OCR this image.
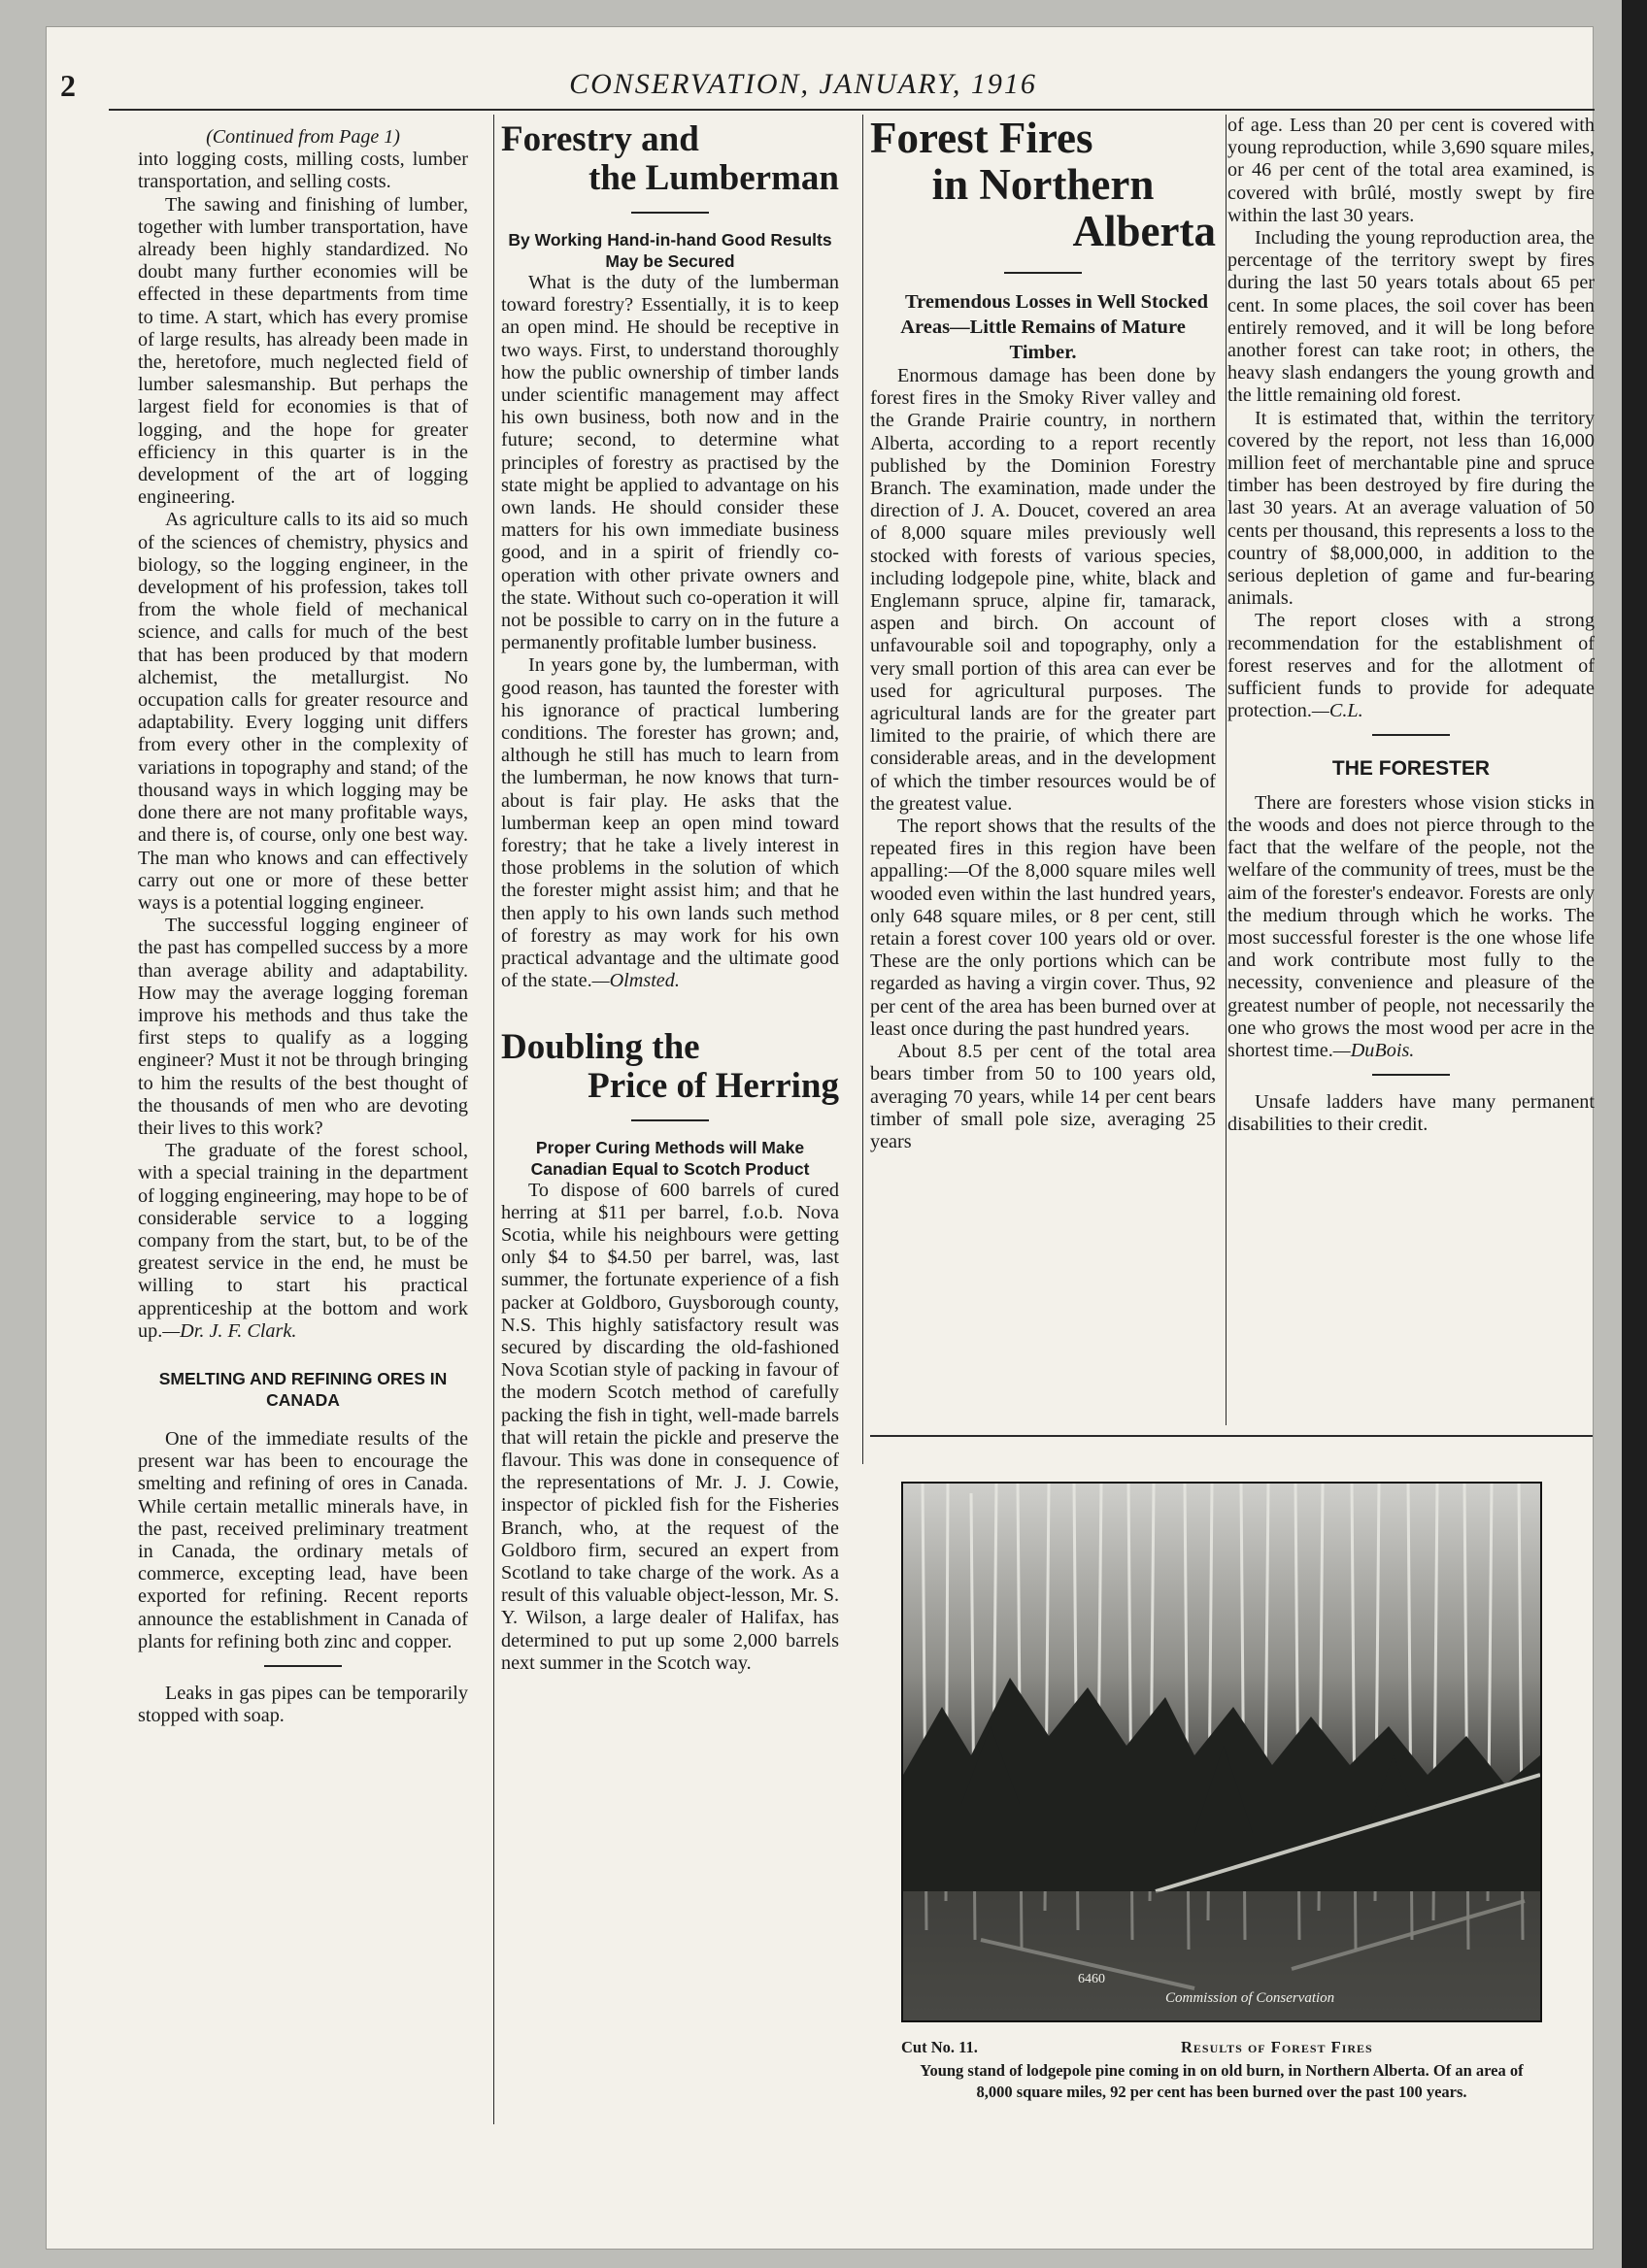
2	CONSERVATION, JANUARY, 1916

(Continued from Page 1)

into logging costs, milling costs, lumber transportation, and selling costs.

The sawing and finishing of lumber, together with lumber transportation, have already been highly standardized. No doubt many further economies will be effected in these departments from time to time. A start, which has every promise of large results, has already been made in the, heretofore, much neglected field of lumber salesmanship. But perhaps the largest field for economies is that of logging, and the hope for greater efficiency in this quarter is in the development of the art of logging engineering.

As agriculture calls to its aid so much of the sciences of chemistry, physics and biology, so the logging engineer, in the development of his profession, takes toll from the whole field of mechanical science, and calls for much of the best that has been produced by that modern alchemist, the metallurgist. No occupation calls for greater resource and adaptability. Every logging unit differs from every other in the complexity of variations in topography and stand; of the thousand ways in which logging may be done there are not many profitable ways, and there is, of course, only one best way. The man who knows and can effectively carry out one or more of these better ways is a potential logging engineer.

The successful logging engineer of the past has compelled success by a more than average ability and adaptability. How may the average logging foreman improve his methods and thus take the first steps to qualify as a logging engineer? Must it not be through bringing to him the results of the best thought of the thousands of men who are devoting their lives to this work?

The graduate of the forest school, with a special training in the department of logging engineering, may hope to be of considerable service to a logging company from the start, but, to be of the greatest service in the end, he must be willing to start his practical apprenticeship at the bottom and work up.—Dr. J. F. Clark.

SMELTING AND REFINING ORES IN CANADA

One of the immediate results of the present war has been to encourage the smelting and refining of ores in Canada. While certain metallic minerals have, in the past, received preliminary treatment in Canada, the ordinary metals of commerce, excepting lead, have been exported for refining. Recent reports announce the establishment in Canada of plants for refining both zinc and copper.

Leaks in gas pipes can be temporarily stopped with soap.

Forestry and
the Lumberman

By Working Hand-in-hand Good Results May be Secured

What is the duty of the lumberman toward forestry? Essentially, it is to keep an open mind. He should be receptive in two ways. First, to understand thoroughly how the public ownership of timber lands under scientific management may affect his own business, both now and in the future; second, to determine what principles of forestry as practised by the state might be applied to advantage on his own lands. He should consider these matters for his own immediate business good, and in a spirit of friendly co-operation with other private owners and the state. Without such co-operation it will not be possible to carry on in the future a permanently profitable lumber business.

In years gone by, the lumberman, with good reason, has taunted the forester with his ignorance of practical lumbering conditions. The forester has grown; and, although he still has much to learn from the lumberman, he now knows that turn-about is fair play. He asks that the lumberman keep an open mind toward forestry; that he take a lively interest in those problems in the solution of which the forester might assist him; and that he then apply to his own lands such method of forestry as may work for his own practical advantage and the ultimate good of the state.—Olmsted.

Doubling the
Price of Herring

Proper Curing Methods will Make Canadian Equal to Scotch Product

To dispose of 600 barrels of cured herring at $11 per barrel, f.o.b. Nova Scotia, while his neighbours were getting only $4 to $4.50 per barrel, was, last summer, the fortunate experience of a fish packer at Goldboro, Guysborough county, N.S. This highly satisfactory result was secured by discarding the old-fashioned Nova Scotian style of packing in favour of the modern Scotch method of carefully packing the fish in tight, well-made barrels that will retain the pickle and preserve the flavour. This was done in consequence of the representations of Mr. J. J. Cowie, inspector of pickled fish for the Fisheries Branch, who, at the request of the Goldboro firm, secured an expert from Scotland to take charge of the work. As a result of this valuable object-lesson, Mr. S. Y. Wilson, a large dealer of Halifax, has determined to put up some 2,000 barrels next summer in the Scotch way.

Forest Fires
in Northern
Alberta

Tremendous Losses in Well Stocked Areas—Little Remains of Mature Timber.

Enormous damage has been done by forest fires in the Smoky River valley and the Grande Prairie country, in northern Alberta, according to a report recently published by the Dominion Forestry Branch. The examination, made under the direction of J. A. Doucet, covered an area of 8,000 square miles previously well stocked with forests of various species, including lodgepole pine, white, black and Englemann spruce, alpine fir, tamarack, aspen and birch. On account of unfavourable soil and topography, only a very small portion of this area can ever be used for agricultural purposes. The agricultural lands are for the greater part limited to the prairie, of which there are considerable areas, and in the development of which the timber resources would be of the greatest value.

The report shows that the results of the repeated fires in this region have been appalling:—Of the 8,000 square miles well wooded even within the last hundred years, only 648 square miles, or 8 per cent, still retain a forest cover 100 years old or over. These are the only portions which can be regarded as having a virgin cover. Thus, 92 per cent of the area has been burned over at least once during the past hundred years.

About 8.5 per cent of the total area bears timber from 50 to 100 years old, averaging 70 years, while 14 per cent bears timber of small pole size, averaging 25 years

of age. Less than 20 per cent is covered with young reproduction, while 3,690 square miles, or 46 per cent of the total area examined, is covered with brûlé, mostly swept by fire within the last 30 years.

Including the young reproduction area, the percentage of the territory swept by fires during the last 50 years totals about 65 per cent. In some places, the soil cover has been entirely removed, and it will be long before another forest can take root; in others, the heavy slash endangers the young growth and the little remaining old forest.

It is estimated that, within the territory covered by the report, not less than 16,000 million feet of merchantable pine and spruce timber has been destroyed by fire during the last 30 years. At an average valuation of 50 cents per thousand, this represents a loss to the country of $8,000,000, in addition to the serious depletion of game and fur-bearing animals.

The report closes with a strong recommendation for the establishment of forest reserves and for the allotment of sufficient funds to provide for adequate protection.—C.L.

THE FORESTER

There are foresters whose vision sticks in the woods and does not pierce through to the fact that the welfare of the people, not the welfare of the community of trees, must be the aim of the forester's endeavor. Forests are only the medium through which he works. The most successful forester is the one whose life and work contribute most fully to the necessity, convenience and pleasure of the greatest number of people, not necessarily the one who grows the most wood per acre in the shortest time.—DuBois.

Unsafe ladders have many permanent disabilities to their credit.

6460
Commission of Conservation
Cut No. 11.	Results of Forest Fires
Young stand of lodgepole pine coming in on old burn, in Northern Alberta. Of an area of 8,000 square miles, 92 per cent has been burned over the past 100 years.
